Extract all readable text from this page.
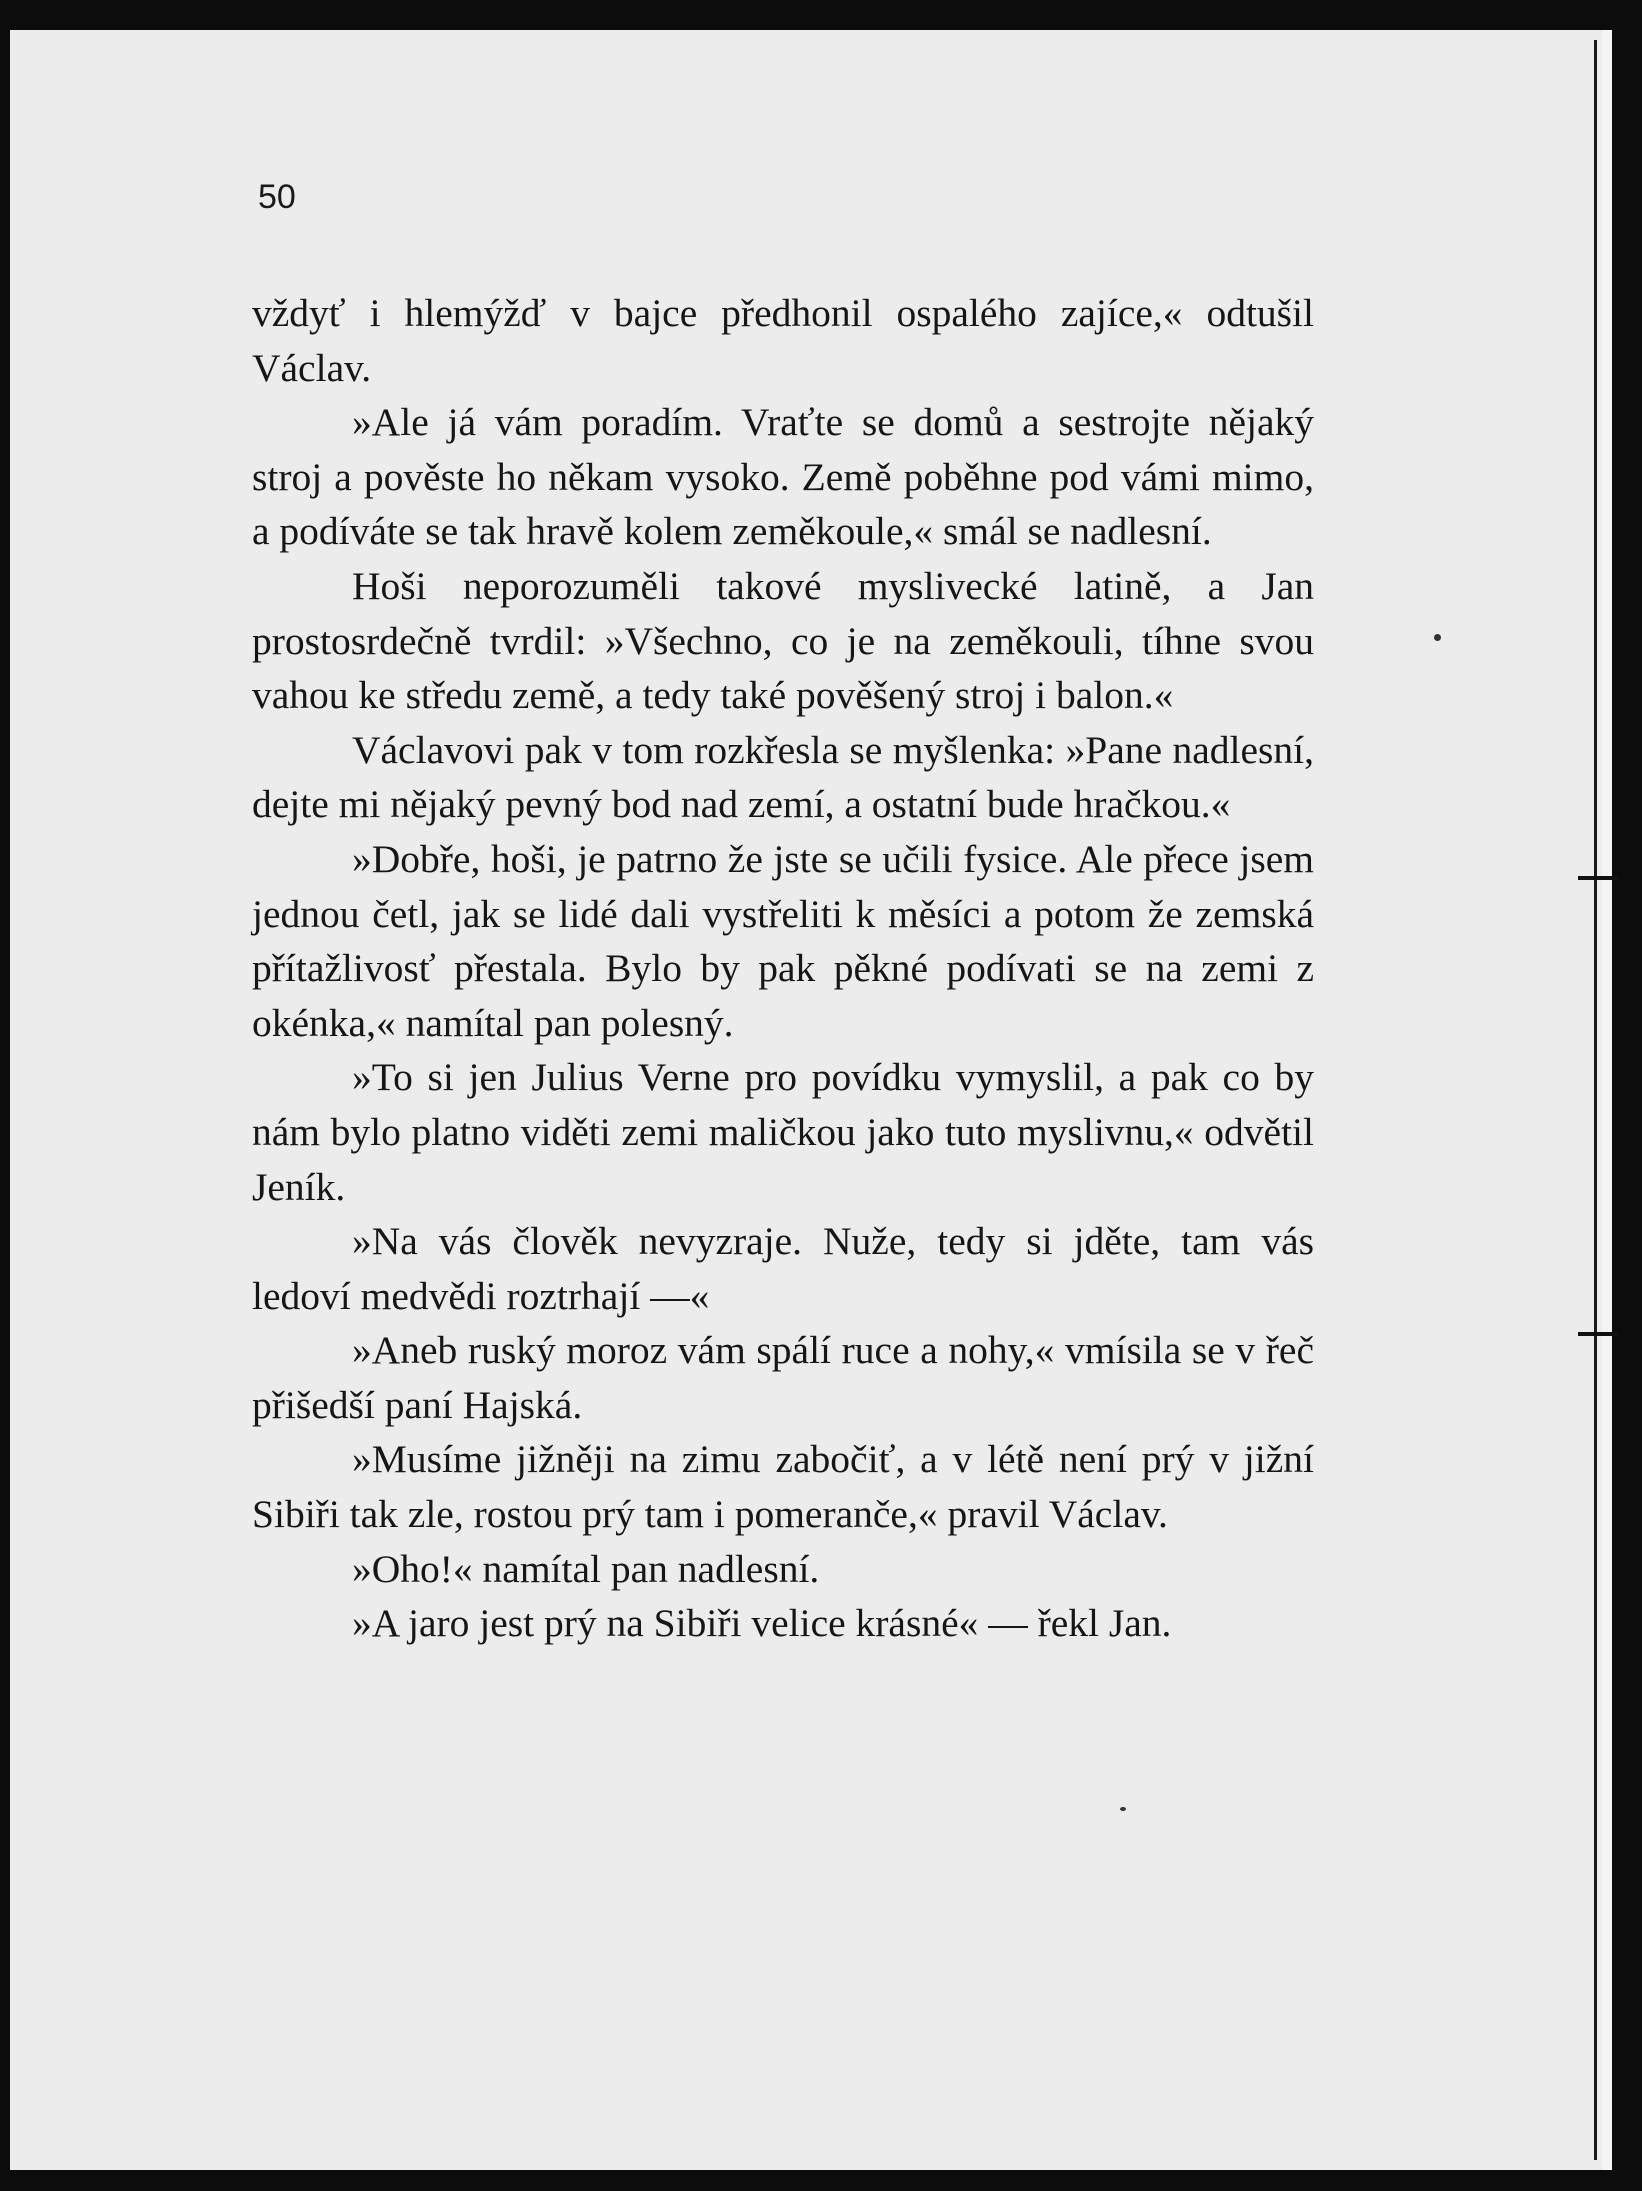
50

vždyť i hlemýžď v bajce předhonil ospalého zajíce,« odtušil Václav.

»Ale já vám poradím. Vraťte se domů a sestrojte nějaký stroj a pověste ho někam vysoko. Země poběhne pod vámi mimo, a podíváte se tak hravě kolem zeměkoule,« smál se nadlesní.

Hoši neporozuměli takové myslivecké latině, a Jan prostosrdečně tvrdil: »Všechno, co je na zeměkouli, tíhne svou vahou ke středu země, a tedy také pověšený stroj i balon.«

Václavovi pak v tom rozkřesla se myšlenka: »Pane nadlesní, dejte mi nějaký pevný bod nad zemí, a ostatní bude hračkou.«

»Dobře, hoši, je patrno že jste se učili fysice. Ale přece jsem jednou četl, jak se lidé dali vystřeliti k měsíci a potom že zemská přítažlivosť přestala. Bylo by pak pěkné podívati se na zemi z okénka,« namítal pan polesný.

»To si jen Julius Verne pro povídku vymyslil, a pak co by nám bylo platno viděti zemi maličkou jako tuto myslivnu,« odvětil Jeník.

»Na vás člověk nevyzraje. Nuže, tedy si jděte, tam vás ledoví medvědi roztrhají —«

»Aneb ruský moroz vám spálí ruce a nohy,« vmísila se v řeč přišedší paní Hajská.

»Musíme jižněji na zimu zabočiť, a v létě není prý v jižní Sibiři tak zle, rostou prý tam i pomeranče,« pravil Václav.

»Oho!« namítal pan nadlesní.

»A jaro jest prý na Sibiři velice krásné« — řekl Jan.
